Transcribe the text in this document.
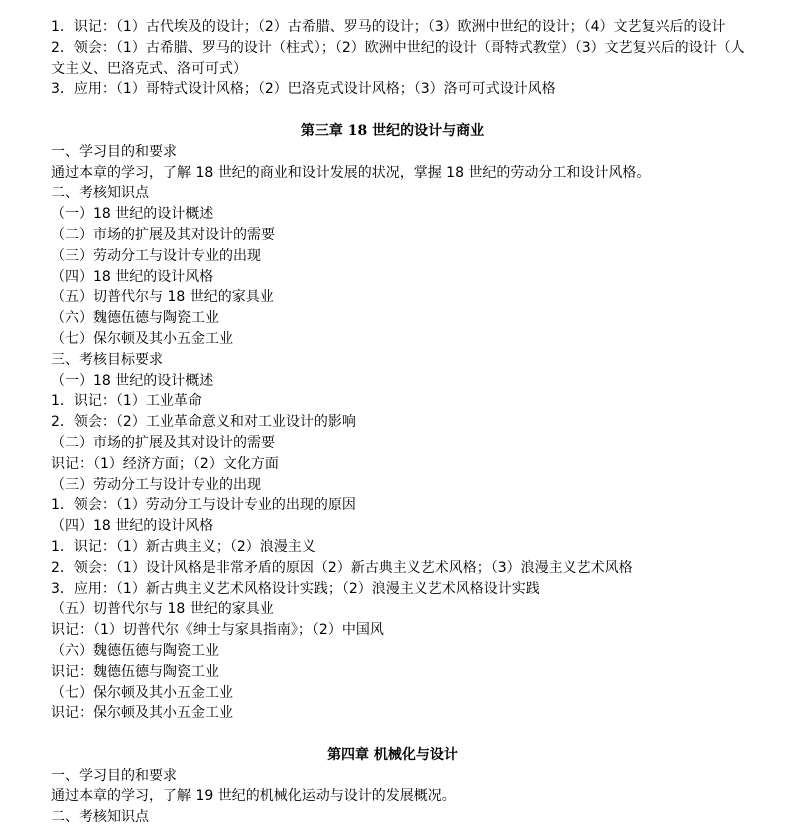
1．识记：（1）古代埃及的设计；（2）古希腊、罗马的设计；（3）欧洲中世纪的设计；（4）文艺复兴后的设计
2．领会：（1）古希腊、罗马的设计（柱式）；（2）欧洲中世纪的设计（哥特式教堂）（3）文艺复兴后的设计（人文主义、巴洛克式、洛可可式）
3．应用：（1）哥特式设计风格；（2）巴洛克式设计风格；（3）洛可可式设计风格
第三章 18 世纪的设计与商业
一、学习目的和要求
通过本章的学习，了解 18 世纪的商业和设计发展的状况，掌握 18 世纪的劳动分工和设计风格。
二、考核知识点
（一）18 世纪的设计概述
（二）市场的扩展及其对设计的需要
（三）劳动分工与设计专业的出现
（四）18 世纪的设计风格
（五）切普代尔与 18 世纪的家具业
（六）魏德伍德与陶瓷工业
（七）保尔顿及其小五金工业
三、考核目标要求
（一）18 世纪的设计概述
1．识记：（1）工业革命
2．领会：（2）工业革命意义和对工业设计的影响
（二）市场的扩展及其对设计的需要
识记：（1）经济方面；（2）文化方面
（三）劳动分工与设计专业的出现
1．领会：（1）劳动分工与设计专业的出现的原因
（四）18 世纪的设计风格
1．识记：（1）新古典主义；（2）浪漫主义
2．领会：（1）设计风格是非常矛盾的原因（2）新古典主义艺术风格；（3）浪漫主义艺术风格
3．应用：（1）新古典主义艺术风格设计实践；（2）浪漫主义艺术风格设计实践
（五）切普代尔与 18 世纪的家具业
识记：（1）切普代尔《绅士与家具指南》；（2）中国风
（六）魏德伍德与陶瓷工业
识记：魏德伍德与陶瓷工业
（七）保尔顿及其小五金工业
识记：保尔顿及其小五金工业
第四章 机械化与设计
一、学习目的和要求
通过本章的学习，了解 19 世纪的机械化运动与设计的发展概况。
二、考核知识点
